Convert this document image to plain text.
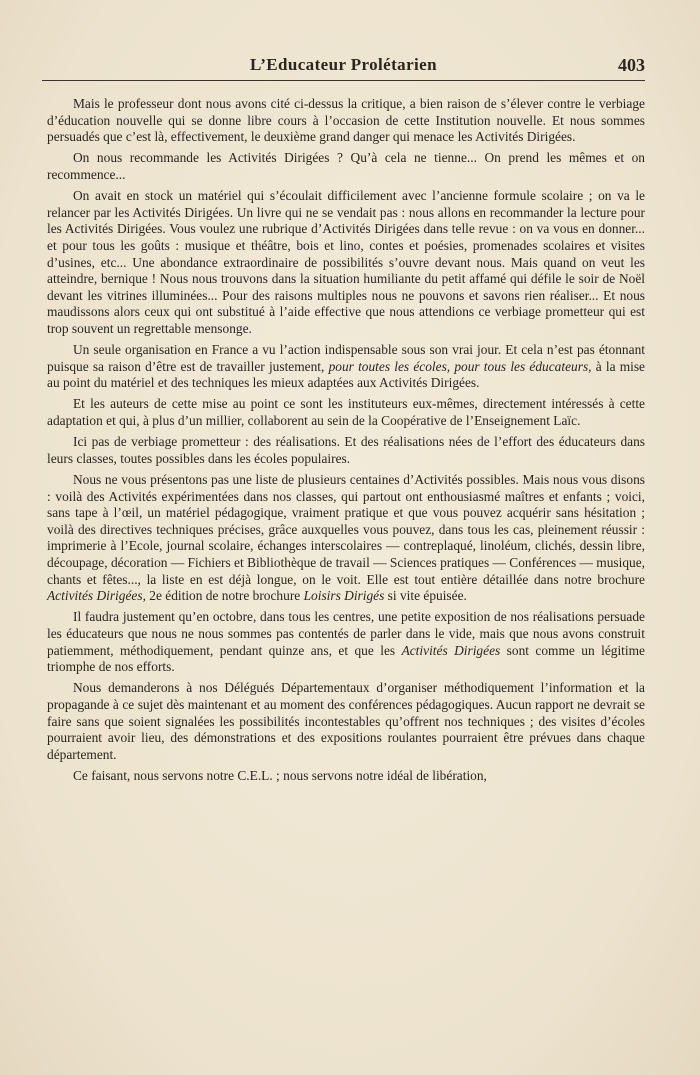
L’Educateur Prolétarien	403

Mais le professeur dont nous avons cité ci-dessus la critique, a bien raison de s’élever contre le verbiage d’éducation nouvelle qui se donne libre cours à l’occasion de cette Institution nouvelle. Et nous sommes persuadés que c’est là, effectivement, le deuxième grand danger qui menace les Activités Dirigées.

On nous recommande les Activités Dirigées ? Qu’à cela ne tienne... On prend les mêmes et on recommence...

On avait en stock un matériel qui s’écoulait difficilement avec l’ancienne formule scolaire ; on va le relancer par les Activités Dirigées. Un livre qui ne se vendait pas : nous allons en recommander la lecture pour les Activités Dirigées. Vous voulez une rubrique d’Activités Dirigées dans telle revue : on va vous en donner... et pour tous les goûts : musique et théâtre, bois et lino, contes et poésies, promenades scolaires et visites d’usines, etc... Une abondance extraordinaire de possibilités s’ouvre devant nous. Mais quand on veut les atteindre, bernique ! Nous nous trouvons dans la situation humiliante du petit affamé qui défile le soir de Noël devant les vitrines illuminées... Pour des raisons multiples nous ne pouvons et savons rien réaliser... Et nous maudissons alors ceux qui ont substitué à l’aide effective que nous attendions ce verbiage prometteur qui est trop souvent un regrettable mensonge.

Un seule organisation en France a vu l’action indispensable sous son vrai jour. Et cela n’est pas étonnant puisque sa raison d’être est de travailler justement, pour toutes les écoles, pour tous les éducateurs, à la mise au point du matériel et des techniques les mieux adaptées aux Activités Dirigées.

Et les auteurs de cette mise au point ce sont les instituteurs eux-mêmes, directement intéressés à cette adaptation et qui, à plus d’un millier, collaborent au sein de la Coopérative de l’Enseignement Laïc.

Ici pas de verbiage prometteur : des réalisations. Et des réalisations nées de l’effort des éducateurs dans leurs classes, toutes possibles dans les écoles populaires.

Nous ne vous présentons pas une liste de plusieurs centaines d’Activités possibles. Mais nous vous disons : voilà des Activités expérimentées dans nos classes, qui partout ont enthousiasmé maîtres et enfants ; voici, sans tape à l’œil, un matériel pédagogique, vraiment pratique et que vous pouvez acquérir sans hésitation ; voilà des directives techniques précises, grâce auxquelles vous pouvez, dans tous les cas, pleinement réussir : imprimerie à l’Ecole, journal scolaire, échanges interscolaires — contreplaqué, linoléum, clichés, dessin libre, découpage, décoration — Fichiers et Bibliothèque de travail — Sciences pratiques — Conférences — musique, chants et fêtes..., la liste en est déjà longue, on le voit. Elle est tout entière détaillée dans notre brochure Activités Dirigées, 2e édition de notre brochure Loisirs Dirigés si vite épuisée.

Il faudra justement qu’en octobre, dans tous les centres, une petite exposition de nos réalisations persuade les éducateurs que nous ne nous sommes pas contentés de parler dans le vide, mais que nous avons construit patiemment, méthodiquement, pendant quinze ans, et que les Activités Dirigées sont comme un légitime triomphe de nos efforts.

Nous demanderons à nos Délégués Départementaux d’organiser méthodiquement l’information et la propagande à ce sujet dès maintenant et au moment des conférences pédagogiques. Aucun rapport ne devrait se faire sans que soient signalées les possibilités incontestables qu’offrent nos techniques ; des visites d’écoles pourraient avoir lieu, des démonstrations et des expositions roulantes pourraient être prévues dans chaque département.

Ce faisant, nous servons notre C.E.L. ; nous servons notre idéal de libération,
